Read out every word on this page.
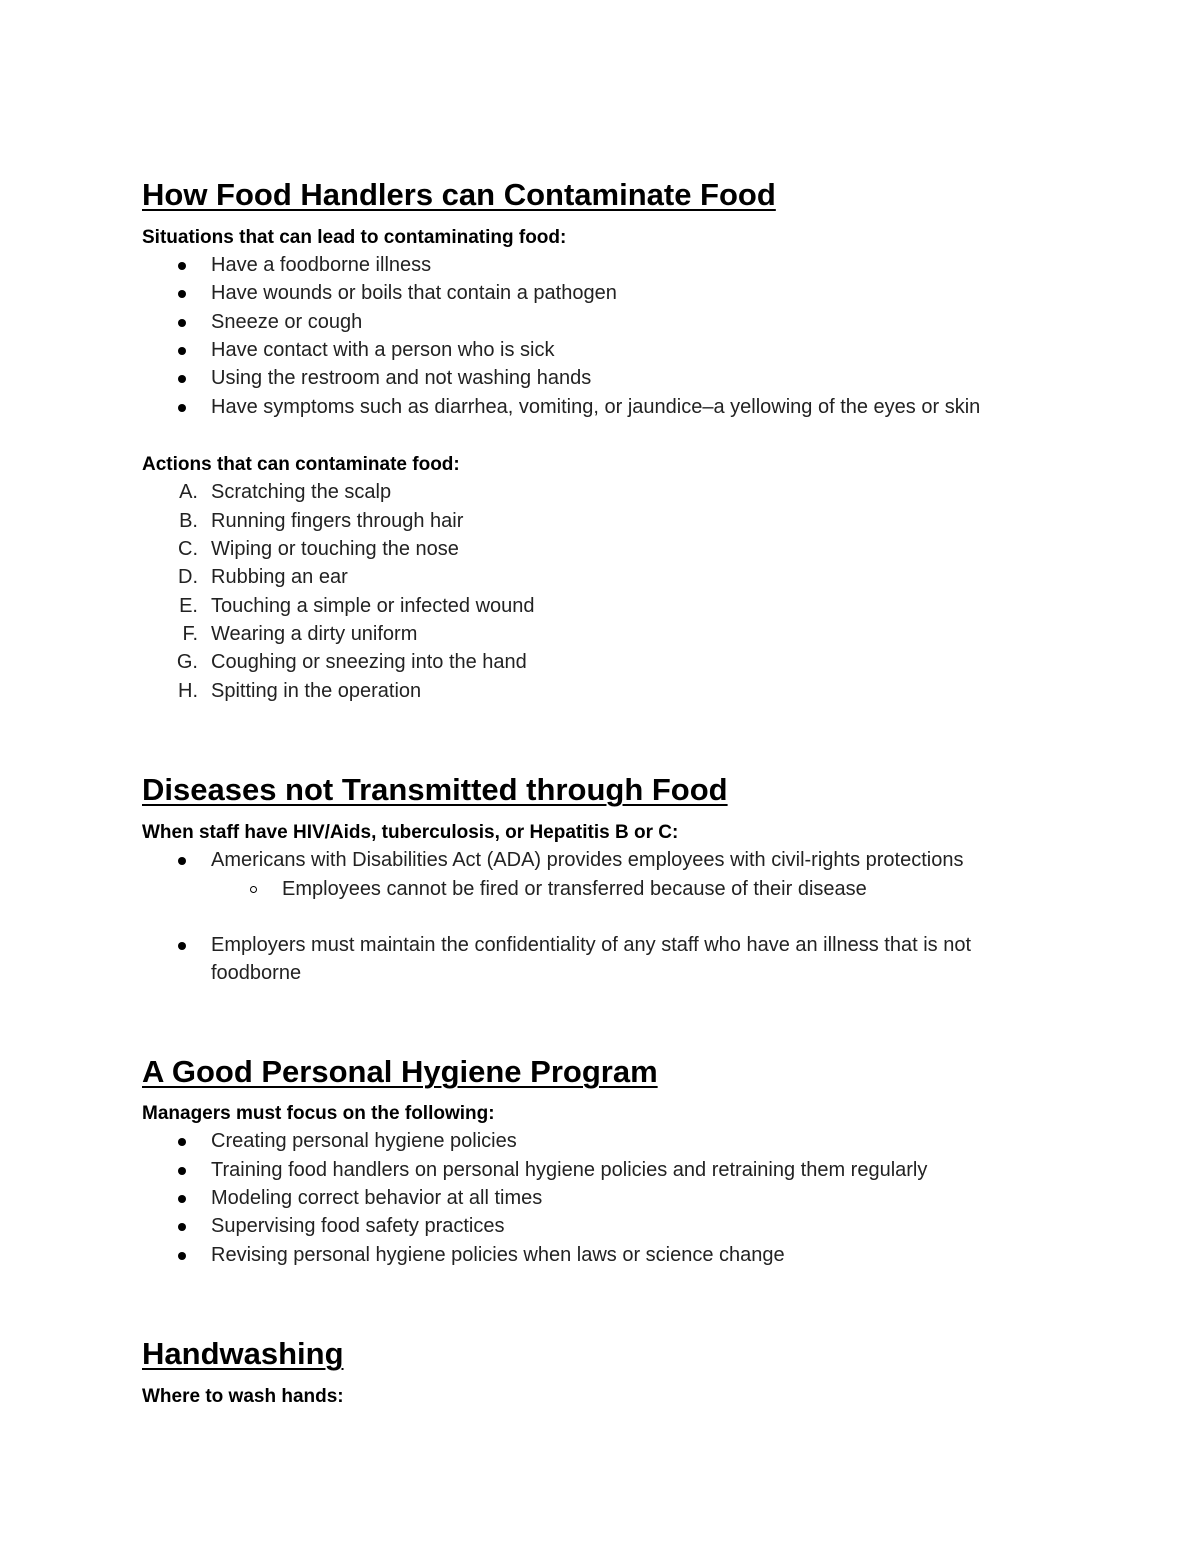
How Food Handlers can Contaminate Food

Situations that can lead to contaminating food:

Have a foodborne illness

Have wounds or boils that contain a pathogen

Sneeze or cough

Have contact with a person who is sick

Using the restroom and not washing hands

Have symptoms such as diarrhea, vomiting, or jaundice–a yellowing of the eyes or skin

Actions that can contaminate food:

A. Scratching the scalp

B. Running fingers through hair

C. Wiping or touching the nose

D. Rubbing an ear

E. Touching a simple or infected wound

F. Wearing a dirty uniform

G. Coughing or sneezing into the hand

H. Spitting in the operation

Diseases not Transmitted through Food

When staff have HIV/Aids, tuberculosis, or Hepatitis B or C:

Americans with Disabilities Act (ADA) provides employees with civil-rights protections

Employees cannot be fired or transferred because of their disease

Employers must maintain the confidentiality of any staff who have an illness that is not

foodborne

A Good Personal Hygiene Program

Managers must focus on the following:

Creating personal hygiene policies

Training food handlers on personal hygiene policies and retraining them regularly

Modeling correct behavior at all times

Supervising food safety practices

Revising personal hygiene policies when laws or science change

Handwashing

Where to wash hands:
